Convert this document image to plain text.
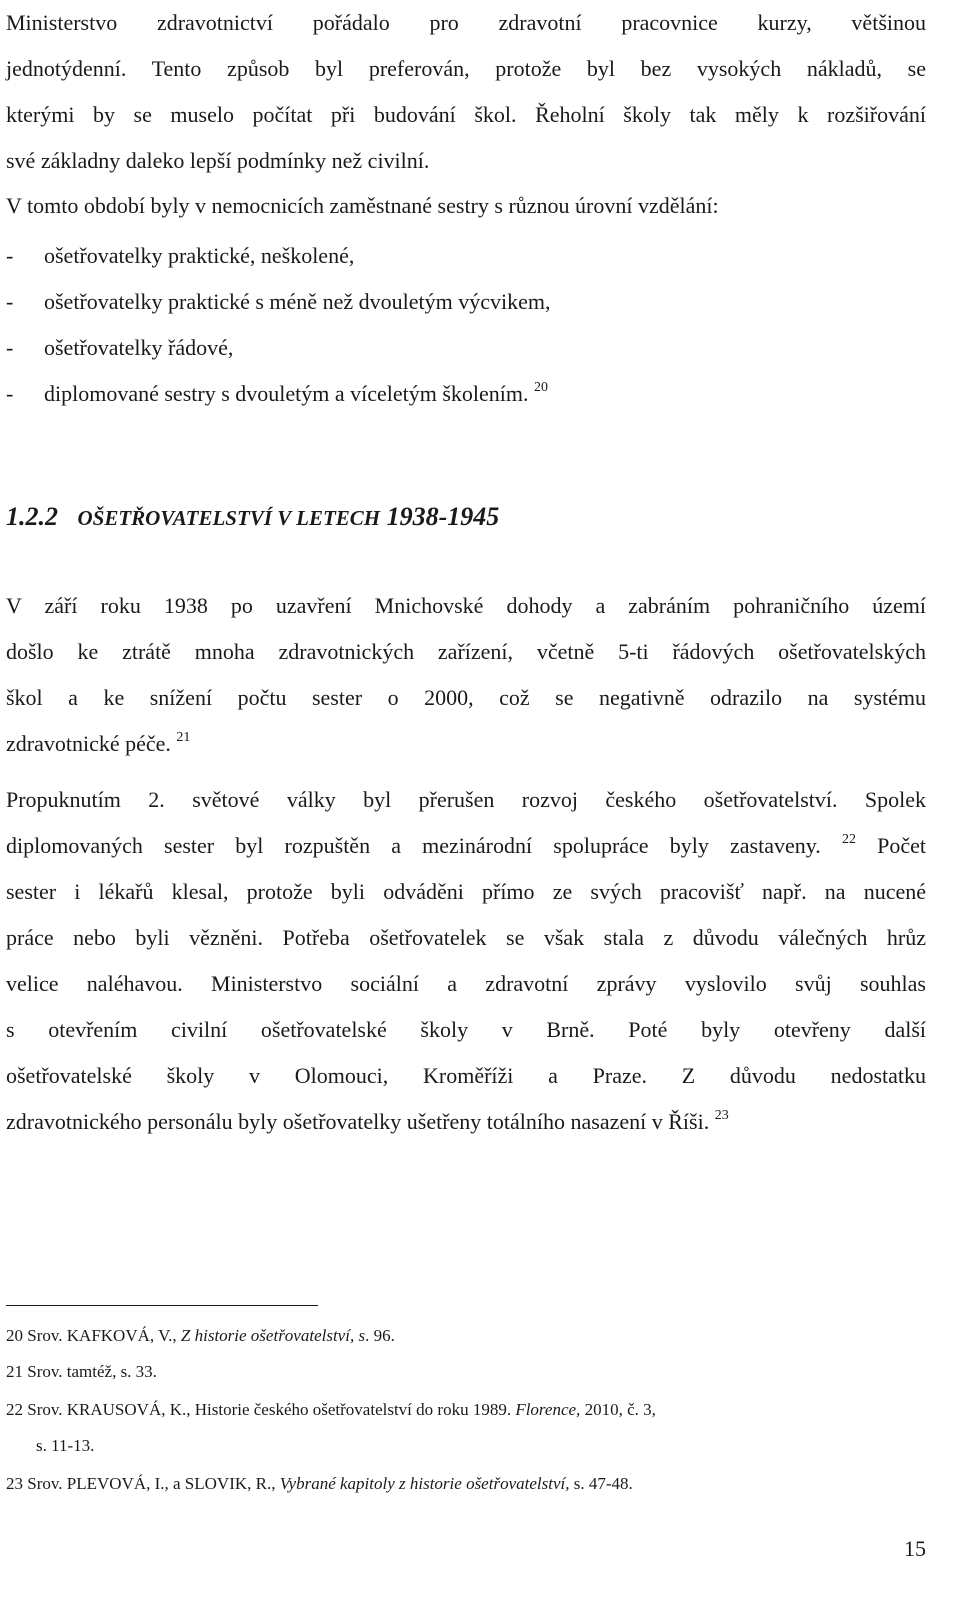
Ministerstvo zdravotnictví pořádalo pro zdravotní pracovnice kurzy, většinou
jednotýdenní. Tento způsob byl preferován, protože byl bez vysokých nákladů, se
kterými by se muselo počítat při budování škol. Řeholní školy tak měly k rozšiřování
své základny daleko lepší podmínky než civilní.

V tomto období byly v nemocnicích zaměstnané sestry s různou úrovní vzdělání:

- ošetřovatelky praktické, neškolené,
- ošetřovatelky praktické s méně než dvouletým výcvikem,
- ošetřovatelky řádové,
- diplomované sestry s dvouletým a víceletým školením. $^{20}$
1.2.2 OŠETŘOVATELSTVÍ V LETECH 1938-1945

V září roku 1938 po uzavření Mnichovské dohody a zabráním pohraničního území
došlo ke ztrátě mnoha zdravotnických zařízení, včetně 5-ti řádových ošetřovatelských
škol a ke snížení počtu sester o 2000, což se negativně odrazilo na systému
zdravotnické péče. $^{21}$

Propuknutím 2. světové války byl přerušen rozvoj českého ošetřovatelství. Spolek
diplomovaných sester byl rozpuštěn a mezinárodní spolupráce byly zastaveny. $^{22}$ Počet
sester i lékařů klesal, protože byli odváděni přímo ze svých pracovišť např. na nucené
práce nebo byli vězněni. Potřeba ošetřovatelek se však stala z důvodu válečných hrůz
velice naléhavou. Ministerstvo sociální a zdravotní zprávy vyslovilo svůj souhlas
s otevřením civilní ošetřovatelské školy v Brně. Poté byly otevřeny další
ošetřovatelské školy v Olomouci, Kroměříži a Praze. Z důvodu nedostatku
zdravotnického personálu byly ošetřovatelky ušetřeny totálního nasazení v Říši. $^{23}$

20 Srov. KAFKOVÁ, V., Z historie ošetřovatelství, s. 96.

21 Srov. tamtéž, s. 33.

22 Srov. KRAUSOVÁ, K., Historie českého ošetřovatelství do roku 1989. Florence, 2010, č. 3,

s. 11-13.

23 Srov. PLEVOVÁ, I., a SLOVIK, R., Vybrané kapitoly z historie ošetřovatelství, s. 47-48.

15
